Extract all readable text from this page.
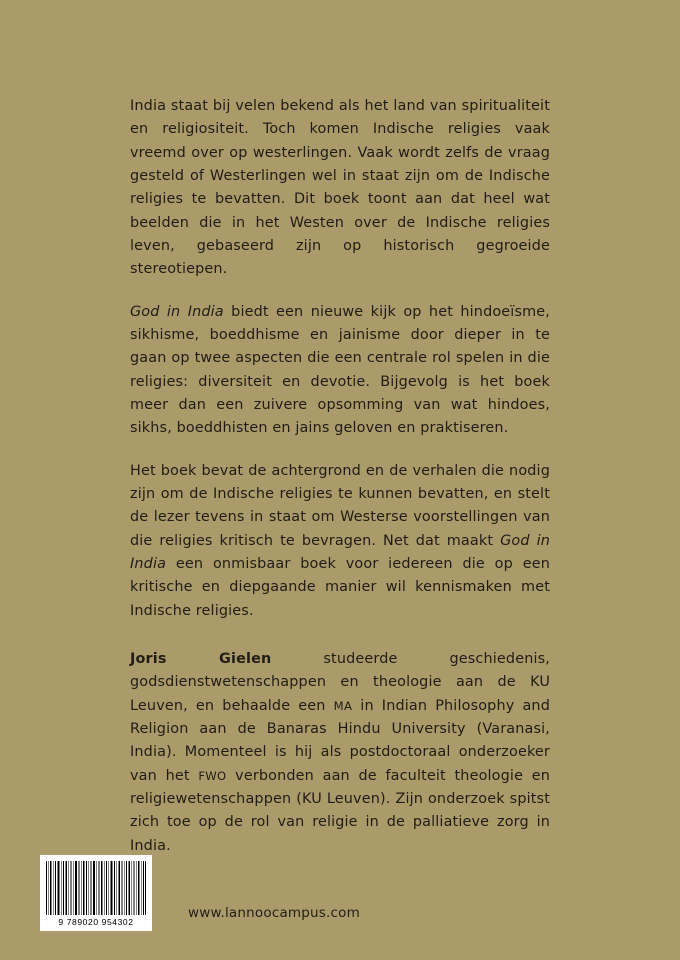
India staat bij velen bekend als het land van spiritualiteit en religiositeit. Toch komen Indische religies vaak vreemd over op westerlingen. Vaak wordt zelfs de vraag gesteld of Westerlingen wel in staat zijn om de Indische religies te bevatten. Dit boek toont aan dat heel wat beelden die in het Westen over de Indische religies leven, gebaseerd zijn op historisch gegroeide stereotiepen.

God in India biedt een nieuwe kijk op het hindoeïsme, sikhisme, boeddhisme en jainisme door dieper in te gaan op twee aspecten die een centrale rol spelen in die religies: diversiteit en devotie. Bijgevolg is het boek meer dan een zuivere opsomming van wat hindoes, sikhs, boeddhisten en jains geloven en praktiseren.

Het boek bevat de achtergrond en de verhalen die nodig zijn om de Indische religies te kunnen bevatten, en stelt de lezer tevens in staat om Westerse voorstellingen van die religies kritisch te bevragen. Net dat maakt God in India een onmisbaar boek voor iedereen die op een kritische en diepgaande manier wil kennismaken met Indische religies.

Joris Gielen studeerde geschiedenis, godsdienstwetenschappen en theologie aan de KU Leuven, en behaalde een MA in Indian Philosophy and Religion aan de Banaras Hindu University (Varanasi, India). Momenteel is hij als postdoctoraal onderzoeker van het FWO verbonden aan de faculteit theologie en religiewetenschappen (KU Leuven). Zijn onderzoek spitst zich toe op de rol van religie in de palliatieve zorg in India.

9 789020 954302
www.lannoocampus.com
